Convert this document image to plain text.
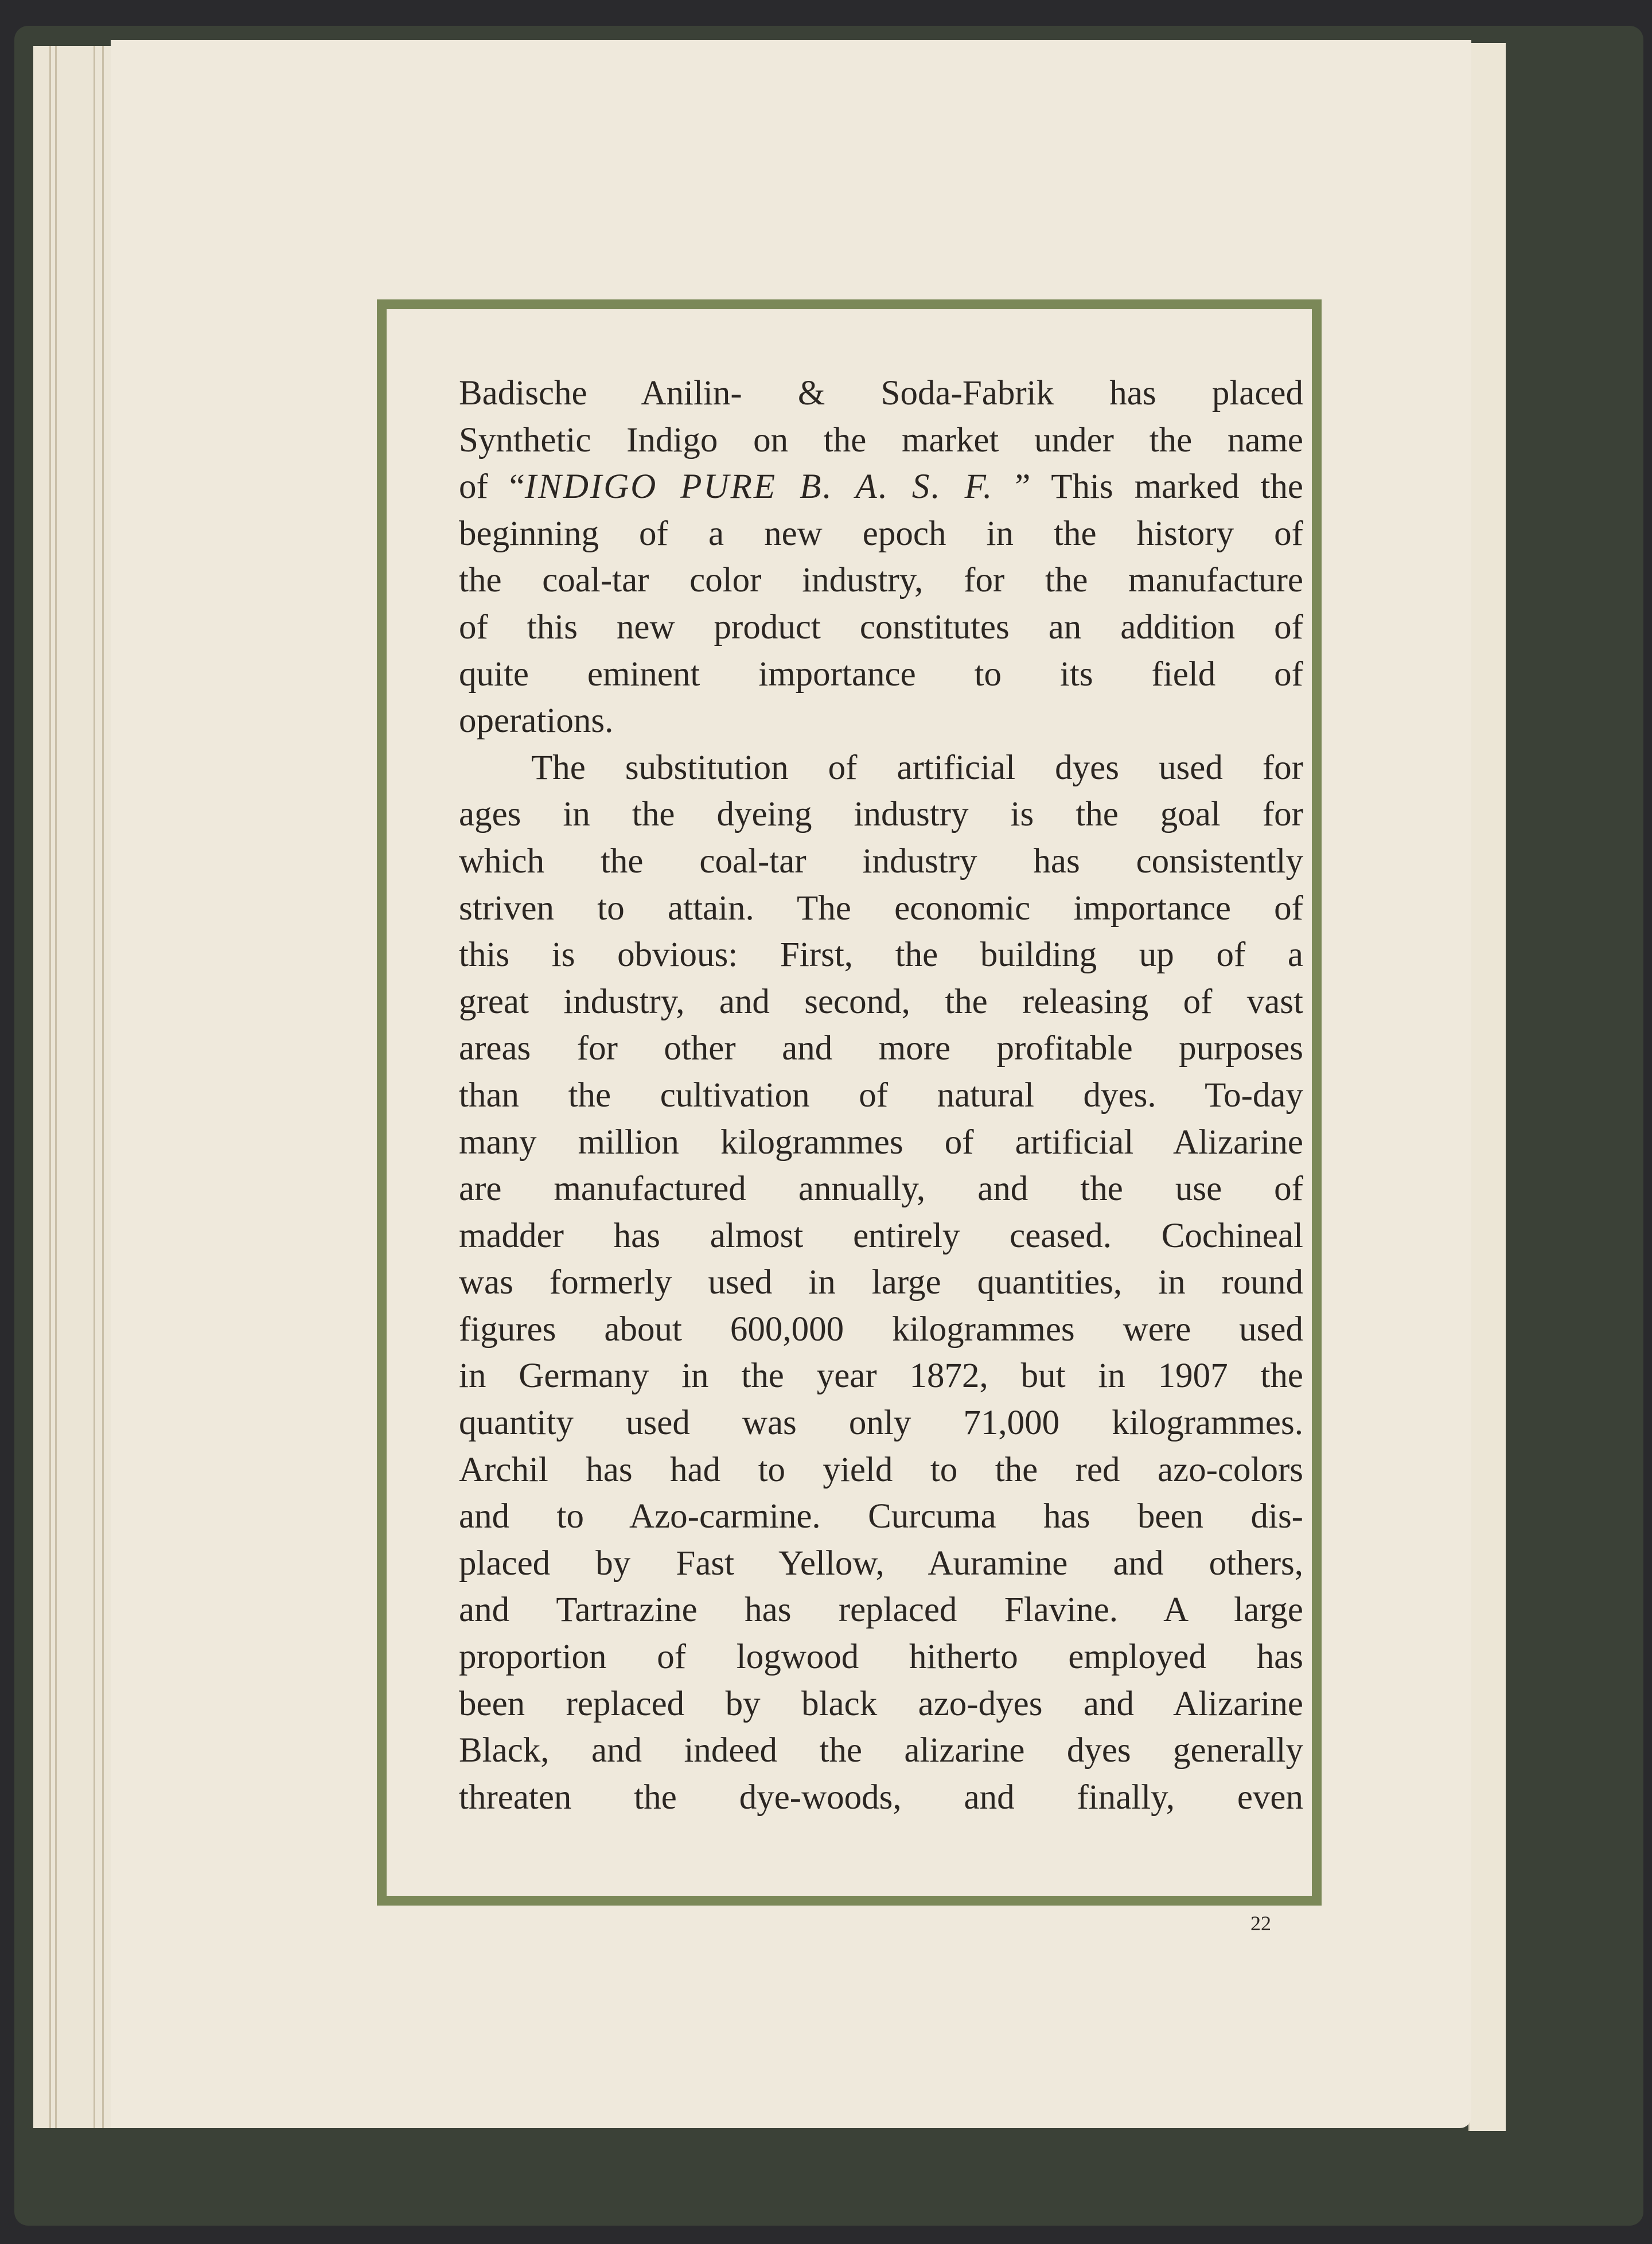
Badische Anilin- & Soda-Fabrik has placed
Synthetic Indigo on the market under the name
of “INDIGO PURE B. A. S. F. ” This marked the
beginning of a new epoch in the history of
the coal-tar color industry, for the manufacture
of this new product constitutes an addition of
quite eminent importance to its field of
operations.
The substitution of artificial dyes used for
ages in the dyeing industry is the goal for
which the coal-tar industry has consistently
striven to attain. The economic importance of
this is obvious: First, the building up of a
great industry, and second, the releasing of vast
areas for other and more profitable purposes
than the cultivation of natural dyes. To-day
many million kilogrammes of artificial Alizarine
are manufactured annually, and the use of
madder has almost entirely ceased. Cochineal
was formerly used in large quantities, in round
figures about 600,000 kilogrammes were used
in Germany in the year 1872, but in 1907 the
quantity used was only 71,000 kilogrammes.
Archil has had to yield to the red azo-colors
and to Azo-carmine. Curcuma has been dis-
placed by Fast Yellow, Auramine and others,
and Tartrazine has replaced Flavine. A large
proportion of logwood hitherto employed has
been replaced by black azo-dyes and Alizarine
Black, and indeed the alizarine dyes generally
threaten the dye-woods, and finally, even
22
